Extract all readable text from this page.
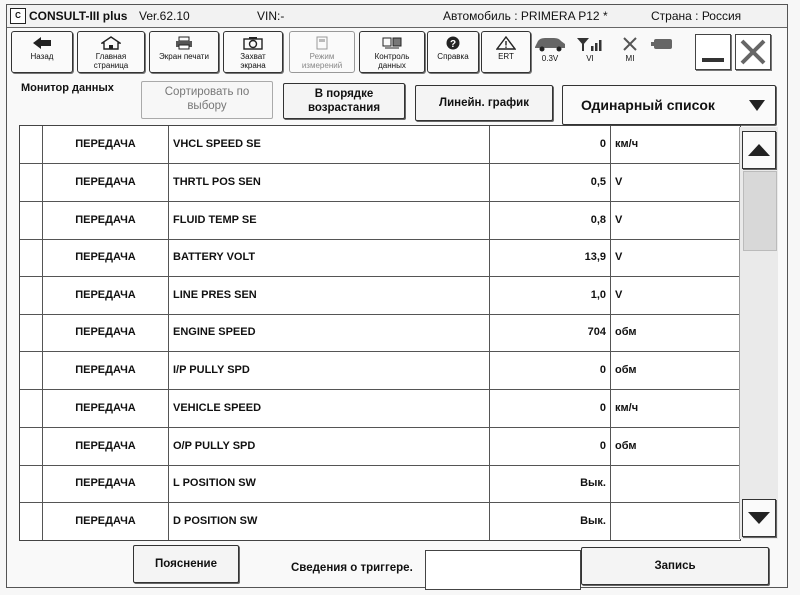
C CONSULT-III plus Ver.62.10	VIN:-	Автомобиль : PRIMERA P12 *	Страна : Россия
Назад	Главная
страница
Экран печати	Захват
экрана
Режим
измерений
Контроль
данных
?
Справка	ERT	0.3V	VI	MI
Монитор данных	Сортировать по
выбору
В порядке
возрастания	Линейн. график	Одинарный список
ПЕРЕДАЧА	VHCL SPEED SE	0 км/ч
ПЕРЕДАЧА	THRTL POS SEN	0,5 V
ПЕРЕДАЧА	FLUID TEMP SE	0,8 V
ПЕРЕДАЧА	BATTERY VOLT	13,9 V
ПЕРЕДАЧА	LINE PRES SEN	1,0 V
ПЕРЕДАЧА	ENGINE SPEED	704 обм
ПЕРЕДАЧА	I/P PULLY SPD	0 обм
ПЕРЕДАЧА	VEHICLE SPEED	0 км/ч
ПЕРЕДАЧА	O/P PULLY SPD	0 обм
ПЕРЕДАЧА	L POSITION SW	Вык.
ПЕРЕДАЧА	D POSITION SW	Вык.
Пояснение	Сведения о триггере.	Запись
